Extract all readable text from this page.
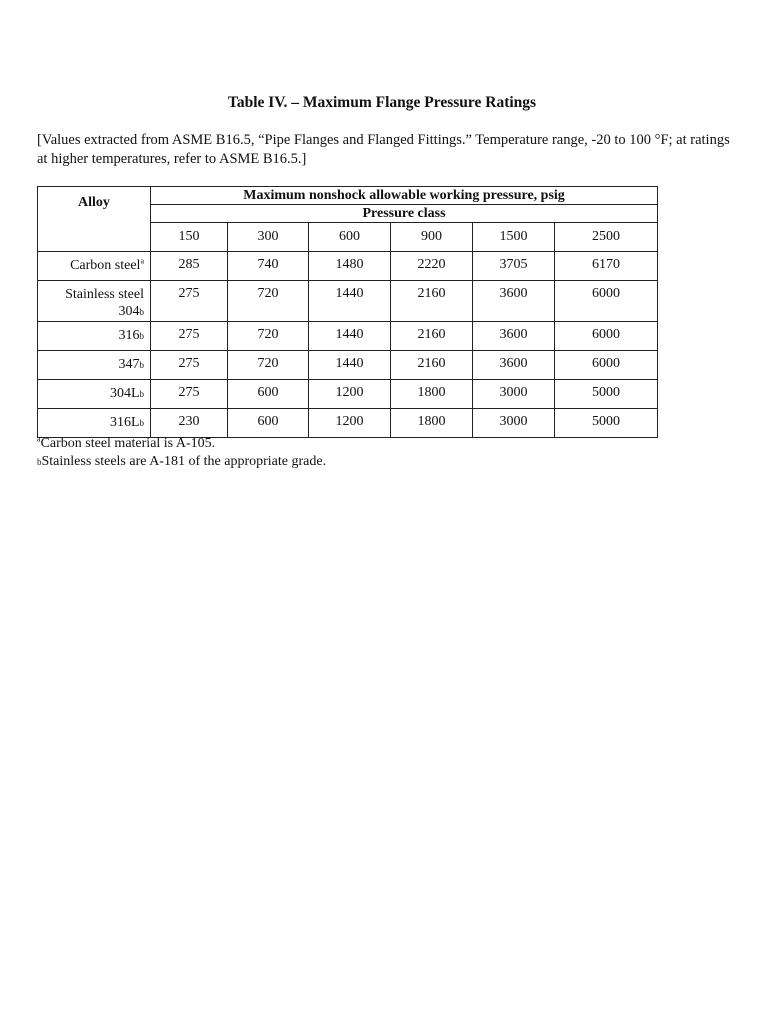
Table IV. – Maximum Flange Pressure Ratings
[Values extracted from ASME B16.5, “Pipe Flanges and Flanged Fittings.” Temperature range, -20 to 100 °F; at ratings at higher temperatures, refer to ASME B16.5.]
Alloy	Maximum nonshock allowable working pressure, psig					
	Pressure class					
	150	300	600	900	1500	2500
Carbon steel$^a$	285	740	1480	2220	3705	6170
Stainless steel 304b	275	720	1440	2160	3600	6000
316b	275	720	1440	2160	3600	6000
347b	275	720	1440	2160	3600	6000
304Lb	275	600	1200	1800	3000	5000
316Lb	230	600	1200	1800	3000	5000
$^a$Carbon steel material is A-105.
bStainless steels are A-181 of the appropriate grade.
